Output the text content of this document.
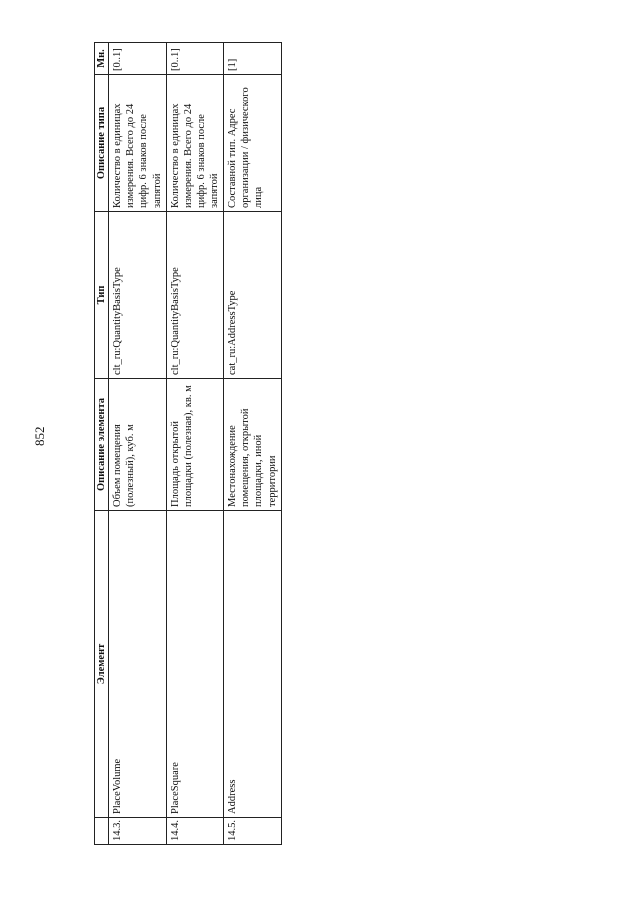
852
	Элемент	Описание элемента	Тип	Описание типа	Мн.
14.3.	PlaceVolume	Объем помещения (полезный), куб. м	clt_ru:QuantityBasisType	Количество в единицах измерения. Всего до 24 цифр. 6 знаков после запятой	[0..1]
14.4.	PlaceSquare	Площадь открытой площадки (полезная), кв. м	clt_ru:QuantityBasisType	Количество в единицах измерения. Всего до 24 цифр. 6 знаков после запятой	[0..1]
14.5.	Address	Местонахождение помещения, открытой площадки, иной территории	cat_ru:AddressType	Составной тип. Адрес организации / физического лица	[1]
